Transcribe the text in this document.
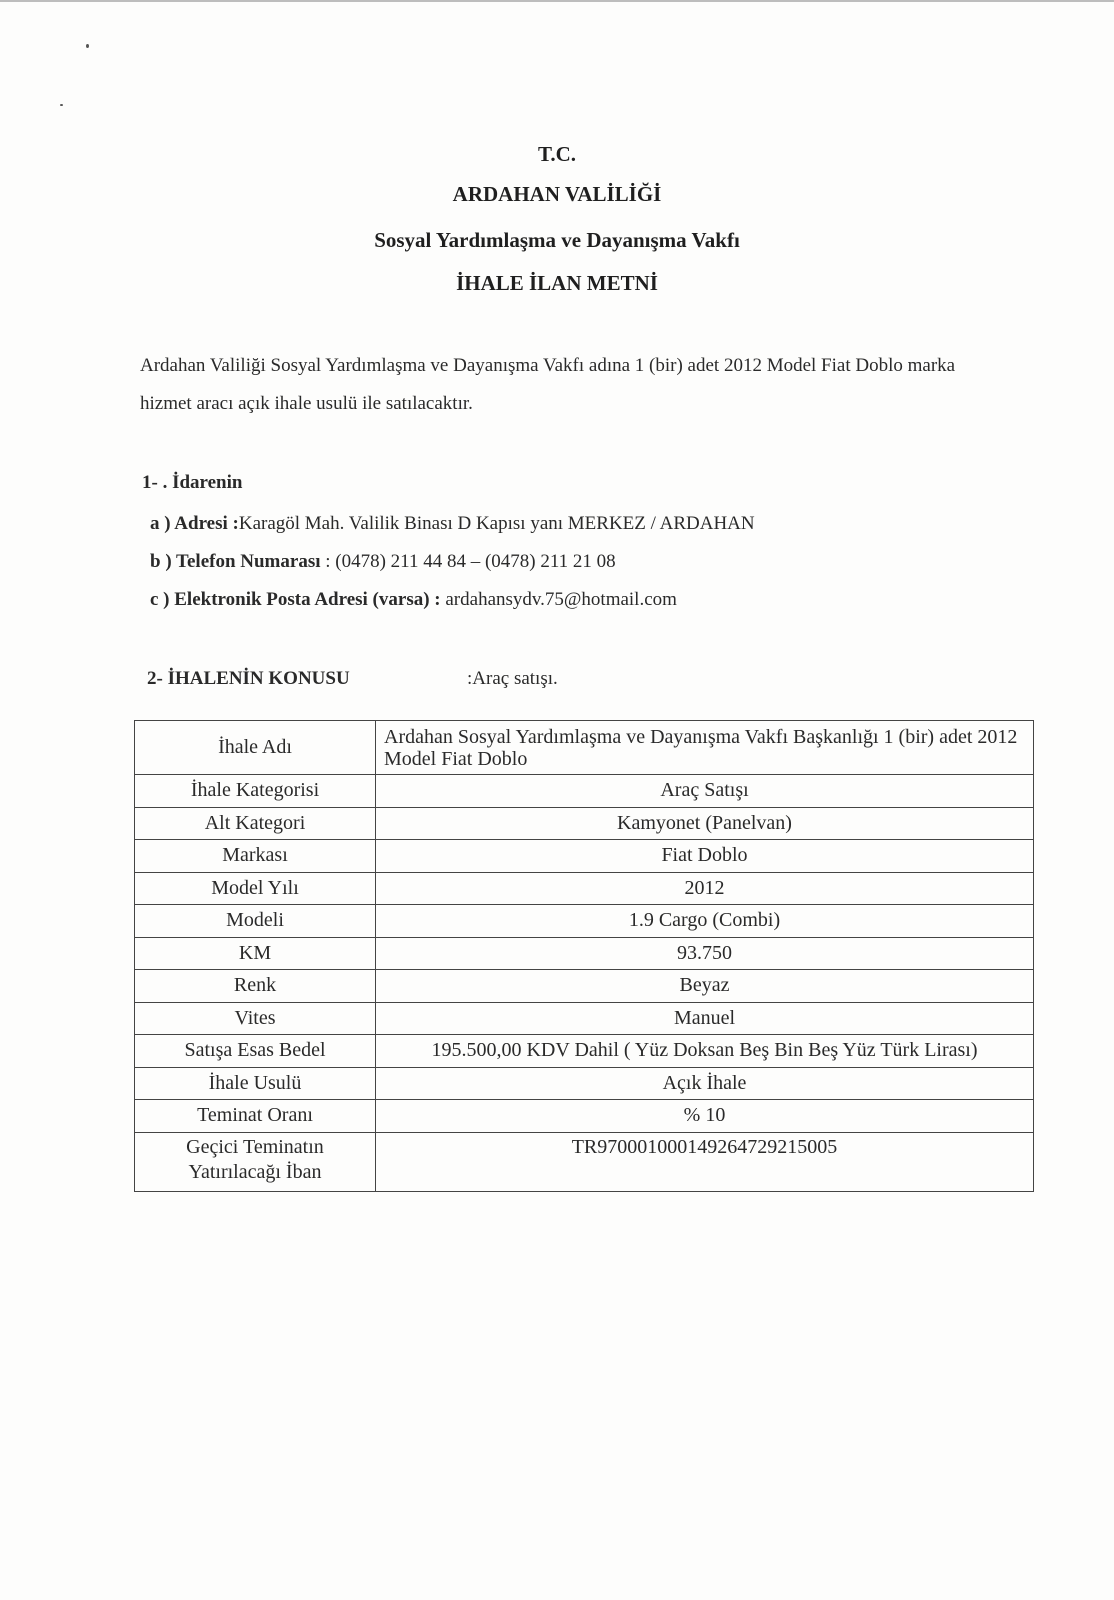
T.C.
ARDAHAN VALİLİĞİ
Sosyal Yardımlaşma ve Dayanışma Vakfı
İHALE İLAN METNİ
Ardahan Valiliği Sosyal Yardımlaşma ve Dayanışma Vakfı adına 1 (bir) adet 2012 Model Fiat Doblo marka hizmet aracı açık ihale usulü ile satılacaktır.
1- . İdarenin
a ) Adresi :Karagöl Mah. Valilik Binası D Kapısı yanı MERKEZ / ARDAHAN
b ) Telefon Numarası : (0478) 211 44 84 – (0478) 211 21 08
c ) Elektronik Posta Adresi (varsa) : ardahansydv.75@hotmail.com
2- İHALENİN KONUSU	:Araç satışı.
İhale Adı	Ardahan Sosyal Yardımlaşma ve Dayanışma Vakfı Başkanlığı 1 (bir) adet 2012 Model Fiat Doblo
İhale Kategorisi	Araç Satışı
Alt Kategori	Kamyonet (Panelvan)
Markası	Fiat Doblo
Model Yılı	2012
Modeli	1.9 Cargo (Combi)
KM	93.750
Renk	Beyaz
Vites	Manuel
Satışa Esas Bedel	195.500,00 KDV Dahil ( Yüz Doksan Beş Bin Beş Yüz Türk Lirası)
İhale Usulü	Açık İhale
Teminat Oranı	% 10
Geçici Teminatın Yatırılacağı İban	TR970001000149264729215005
